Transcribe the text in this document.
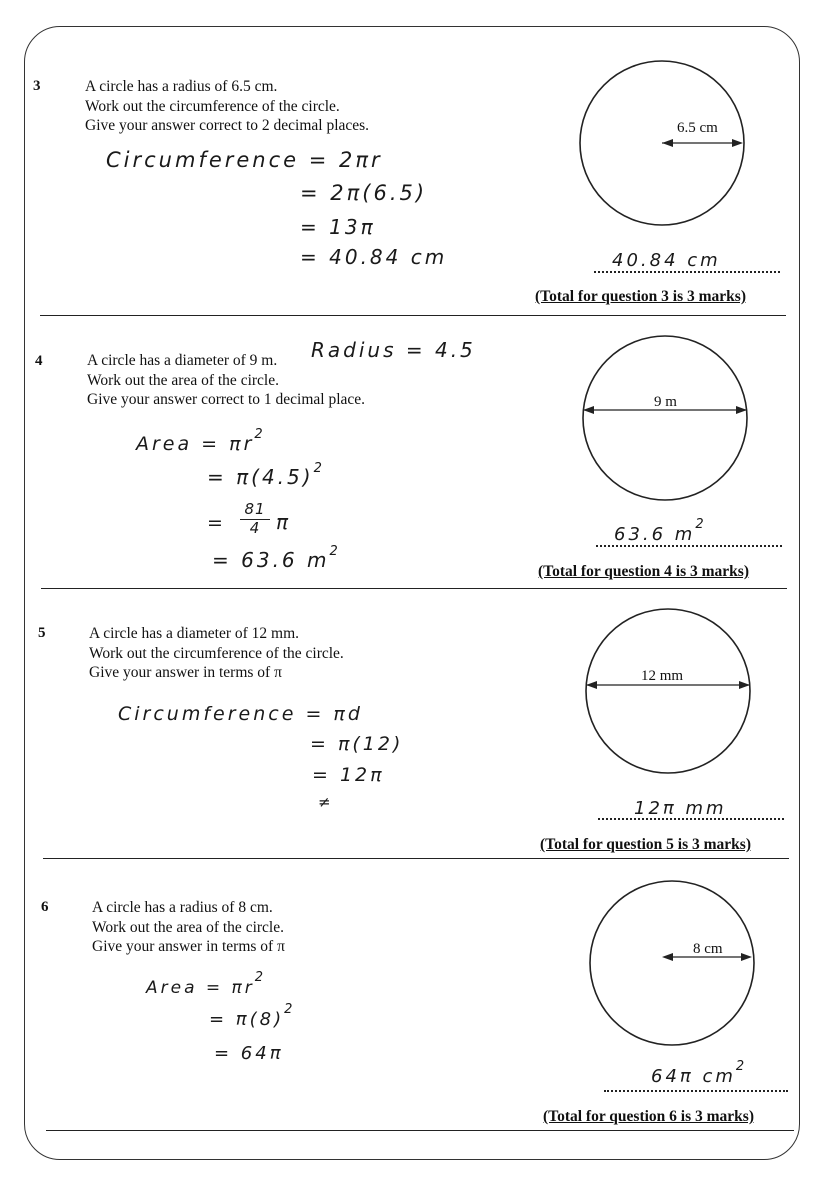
3	A circle has a radius of 6.5 cm.
Work out the circumference of the circle.
Give your answer correct to 2 decimal places.
Circumference = 2πr
= 2π(6.5)
= 13π
= 40.84 cm
6.5 cm
40.84 cm
(Total for question 3 is 3 marks)
4	A circle has a diameter of 9 m.
Work out the area of the circle.
Give your answer correct to 1 decimal place.
Radius = 4.5
Area = $\pi r^2$
= $\pi(4.5)^2$
=
81
4 π
= 63.6 $m^2$
9 m
63.6 $m^2$
(Total for question 4 is 3 marks)
5	A circle has a diameter of 12 mm.
Work out the circumference of the circle.
Give your answer in terms of π
Circumference = πd
= π(12)
= 12π
≠
12 mm
12π mm
(Total for question 5 is 3 marks)
6	A circle has a radius of 8 cm.
Work out the area of the circle.
Give your answer in terms of π
Area = $\pi r^2$
= $\pi(8)^2$
= 64π
8 cm
64π $cm^2$
(Total for question 6 is 3 marks)
